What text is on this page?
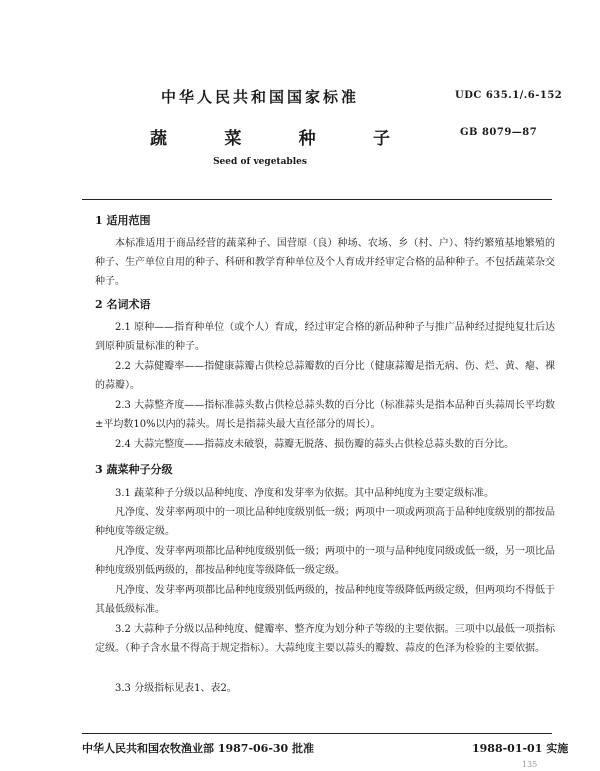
中华人民共和国国家标准	UDC 635.1/.6-152
蔬	菜	种	子	GB 8079—87
Seed of vegetables
1 适用范围
本标准适用于商品经营的蔬菜种子、国营原（良）种场、农场、乡（村、户）、特约繁殖基地繁殖的种子、生产单位自用的种子、科研和教学育种单位及个人育成并经审定合格的品种种子。不包括蔬菜杂交种子。
2 名词术语
2.1 原种——指育种单位（或个人）育成，经过审定合格的新品种种子与推广品种经过提纯复壮后达到原种质量标准的种子。
2.2 大蒜健瓣率——指健康蒜瓣占供检总蒜瓣数的百分比（健康蒜瓣是指无病、伤、烂、黄、瘪、裸的蒜瓣）。
2.3 大蒜整齐度——指标准蒜头数占供检总蒜头数的百分比（标准蒜头是指本品种百头蒜周长平均数±平均数10%以内的蒜头。周长是指蒜头最大直径部分的周长）。
2.4 大蒜完整度——指蒜皮未破裂，蒜瓣无脱落、损伤瓣的蒜头占供检总蒜头数的百分比。
3 蔬菜种子分级
3.1 蔬菜种子分级以品种纯度、净度和发芽率为依据。其中品种纯度为主要定级标准。
凡净度、发芽率两项中的一项比品种纯度级别低一级；两项中一项或两项高于品种纯度级别的都按品种纯度等级定级。
凡净度、发芽率两项都比品种纯度级别低一级；两项中的一项与品种纯度同级或低一级，另一项比品种纯度级别低两级的，都按品种纯度等级降低一级定级。
凡净度、发芽率两项都比品种纯度级别低两级的，按品种纯度等级降低两级定级，但两项均不得低于其最低级标准。
3.2 大蒜种子分级以品种纯度、健瓣率、整齐度为划分种子等级的主要依据。三项中以最低一项指标定级。（种子含水量不得高于规定指标）。大蒜纯度主要以蒜头的瓣数、蒜皮的色泽为检验的主要依据。
3.3 分级指标见表1、表2。
中华人民共和国农牧渔业部 1987-06-30 批准	1988-01-01 实施
135
